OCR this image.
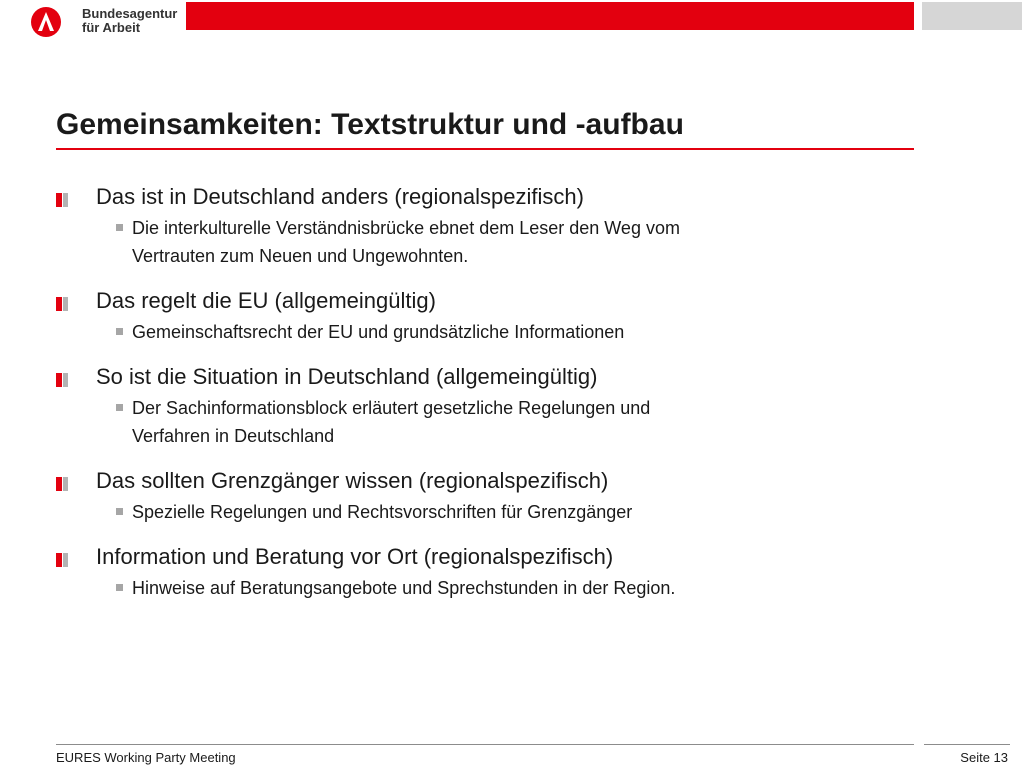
Bundesagentur
für Arbeit
Gemeinsamkeiten: Textstruktur und -aufbau
Das ist in Deutschland anders (regionalspezifisch)
Die interkulturelle Verständnisbrücke ebnet dem Leser den Weg vom
Vertrauten zum Neuen und Ungewohnten.
Das regelt die EU (allgemeingültig)
Gemeinschaftsrecht der EU und grundsätzliche Informationen
So ist die Situation in Deutschland (allgemeingültig)
Der Sachinformationsblock erläutert gesetzliche Regelungen und
Verfahren in Deutschland
Das sollten Grenzgänger wissen (regionalspezifisch)
Spezielle Regelungen und Rechtsvorschriften für Grenzgänger
Information und Beratung vor Ort (regionalspezifisch)
Hinweise auf Beratungsangebote und Sprechstunden in der Region.
EURES Working Party Meeting	Seite 13
